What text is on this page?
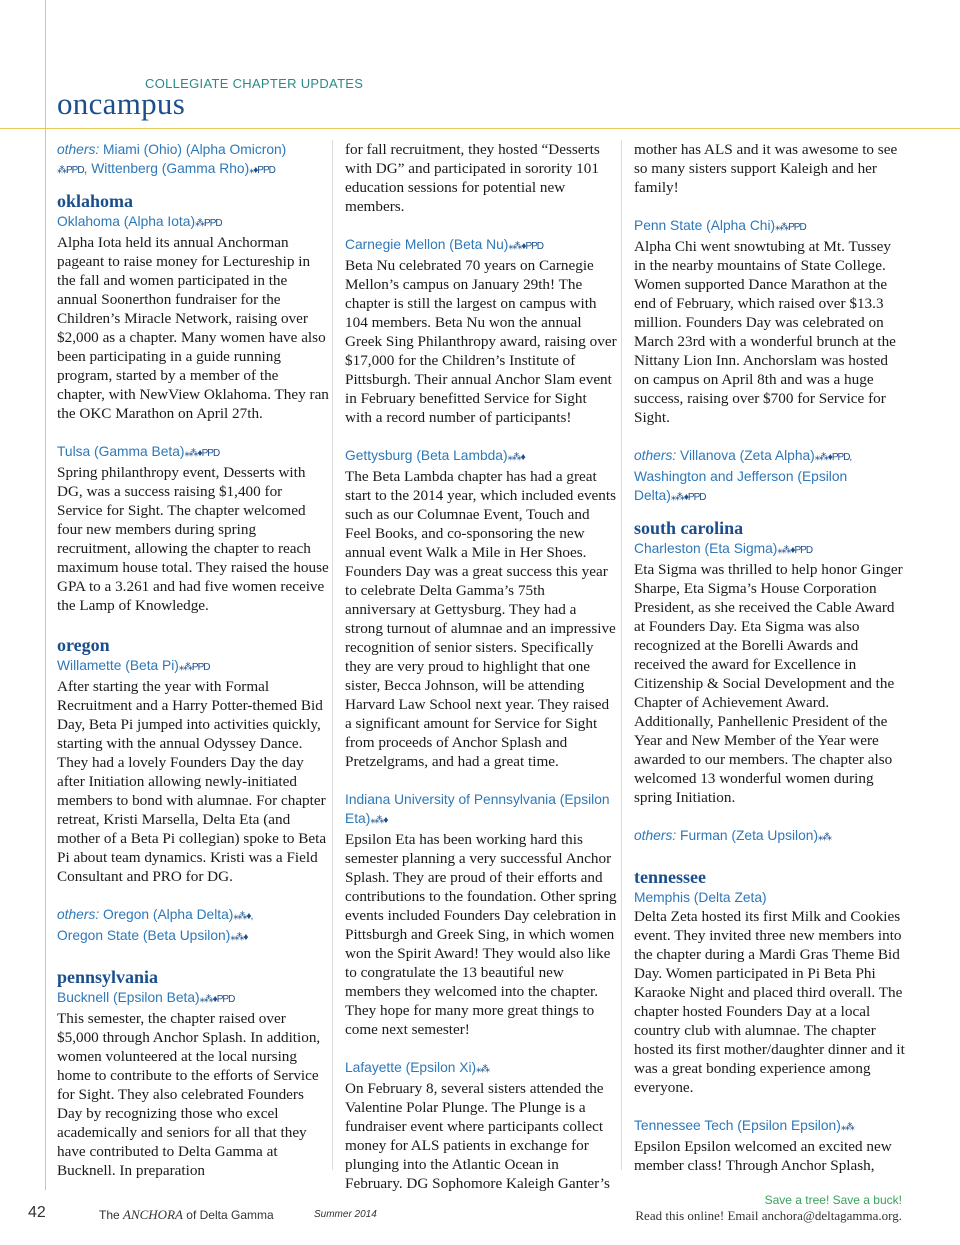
COLLEGIATE CHAPTER UPDATES

oncampus

others: Miami (Ohio) (Alpha Omicron)
⁂PPD, Wittenberg (Gamma Rho)⁎♦PPD

oklahoma

Oklahoma (Alpha Iota)⁂PPD

Alpha Iota held its annual Anchorman pageant to raise money for Lectureship in the fall and women participated in the annual Soonerthon fundraiser for the Children’s Miracle Network, raising over $2,000 as a chapter. Many women have also been participating in a guide running program, started by a member of the chapter, with NewView Oklahoma. They ran the OKC Marathon on April 27th.

Tulsa (Gamma Beta)⁎⁂♦PPD

Spring philanthropy event, Desserts with DG, was a success raising $1,400 for Service for Sight. The chapter welcomed four new members during spring recruitment, allowing the chapter to reach maximum house total. They raised the house GPA to a 3.261 and had five women receive the Lamp of Knowledge.

oregon

Willamette (Beta Pi)⁎⁂PPD

After starting the year with Formal Recruitment and a Harry Potter-themed Bid Day, Beta Pi jumped into activities quickly, starting with the annual Odyssey Dance. They had a lovely Founders Day the day after Initiation allowing newly-initiated members to bond with alumnae. For chapter retreat, Kristi Marsella, Delta Eta (and mother of a Beta Pi collegian) spoke to Beta Pi about team dynamics. Kristi was a Field Consultant and PRO for DG.

others: Oregon (Alpha Delta)⁎⁂♦,
Oregon State (Beta Upsilon)⁎⁂♦

pennsylvania

Bucknell (Epsilon Beta)⁎⁂♦PPD

This semester, the chapter raised over $5,000 through Anchor Splash. In addition, women volunteered at the local nursing home to contribute to the efforts of Service for Sight. They also celebrated Founders Day by recognizing those who excel academically and seniors for all that they have contributed to Delta Gamma at Bucknell. In preparation

for fall recruitment, they hosted “Desserts with DG” and participated in sorority 101 education sessions for potential new members.

Carnegie Mellon (Beta Nu)⁎⁂♦PPD

Beta Nu celebrated 70 years on Carnegie Mellon’s campus on January 29th! The chapter is still the largest on campus with 104 members. Beta Nu won the annual Greek Sing Philanthropy award, raising over $17,000 for the Children’s Institute of Pittsburgh. Their annual Anchor Slam event in February benefitted Service for Sight with a record number of participants!

Gettysburg (Beta Lambda)⁎⁂♦

The Beta Lambda chapter has had a great start to the 2014 year, which included events such as our Columnae Event, Touch and Feel Books, and co-sponsoring the new annual event Walk a Mile in Her Shoes. Founders Day was a great success this year to celebrate Delta Gamma’s 75th anniversary at Gettysburg. They had a strong turnout of alumnae and an impressive recognition of senior sisters. Specifically they are very proud to highlight that one sister, Becca Johnson, will be attending Harvard Law School next year. They raised a significant amount for Service for Sight from proceeds of Anchor Splash and Pretzelgrams, and had a great time.

Indiana University of Pennsylvania (Epsilon Eta)⁎⁂♦

Epsilon Eta has been working hard this semester planning a very successful Anchor Splash. They are proud of their efforts and contributions to the foundation. Other spring events included Founders Day celebration in Pittsburgh and Greek Sing, in which women won the Spirit Award! They would also like to congratulate the 13 beautiful new members they welcomed into the chapter. They hope for many more great things to come next semester!

Lafayette (Epsilon Xi)⁎⁂

On February 8, several sisters attended the Valentine Polar Plunge. The Plunge is a fundraiser event where participants collect money for ALS patients in exchange for plunging into the Atlantic Ocean in February. DG Sophomore Kaleigh Ganter’s

mother has ALS and it was awesome to see so many sisters support Kaleigh and her family!

Penn State (Alpha Chi)⁎⁂PPD

Alpha Chi went snowtubing at Mt. Tussey in the nearby mountains of State College. Women supported Dance Marathon at the end of February, which raised over $13.3 million. Founders Day was celebrated on March 23rd with a wonderful brunch at the Nittany Lion Inn. Anchorslam was hosted on campus on April 8th and was a huge success, raising over $700 for Service for Sight.

others: Villanova (Zeta Alpha)⁎⁂♦PPD, Washington and Jefferson (Epsilon Delta)⁎⁂♦PPD

south carolina

Charleston (Eta Sigma)⁎⁂♦PPD

Eta Sigma was thrilled to help honor Ginger Sharpe, Eta Sigma’s House Corporation President, as she received the Cable Award at Founders Day. Eta Sigma was also recognized at the Borelli Awards and received the award for Excellence in Citizenship & Social Development and the Chapter of Achievement Award. Additionally, Panhellenic President of the Year and New Member of the Year were awarded to our members. The chapter also welcomed 13 wonderful women during spring Initiation.

others: Furman (Zeta Upsilon)⁎⁂

tennessee

Memphis (Delta Zeta)

Delta Zeta hosted its first Milk and Cookies event. They invited three new members into the chapter during a Mardi Gras Theme Bid Day. Women participated in Pi Beta Phi Karaoke Night and placed third overall. The chapter hosted Founders Day at a local country club with alumnae. The chapter hosted its first mother/daughter dinner and it was a great bonding experience among everyone.

Tennessee Tech (Epsilon Epsilon)⁎⁂

Epsilon Epsilon welcomed an excited new member class! Through Anchor Splash,

42	The ANCHORA of Delta Gamma	Summer 2014
Save a tree! Save a buck!
Read this online! Email anchora@deltagamma.org.
